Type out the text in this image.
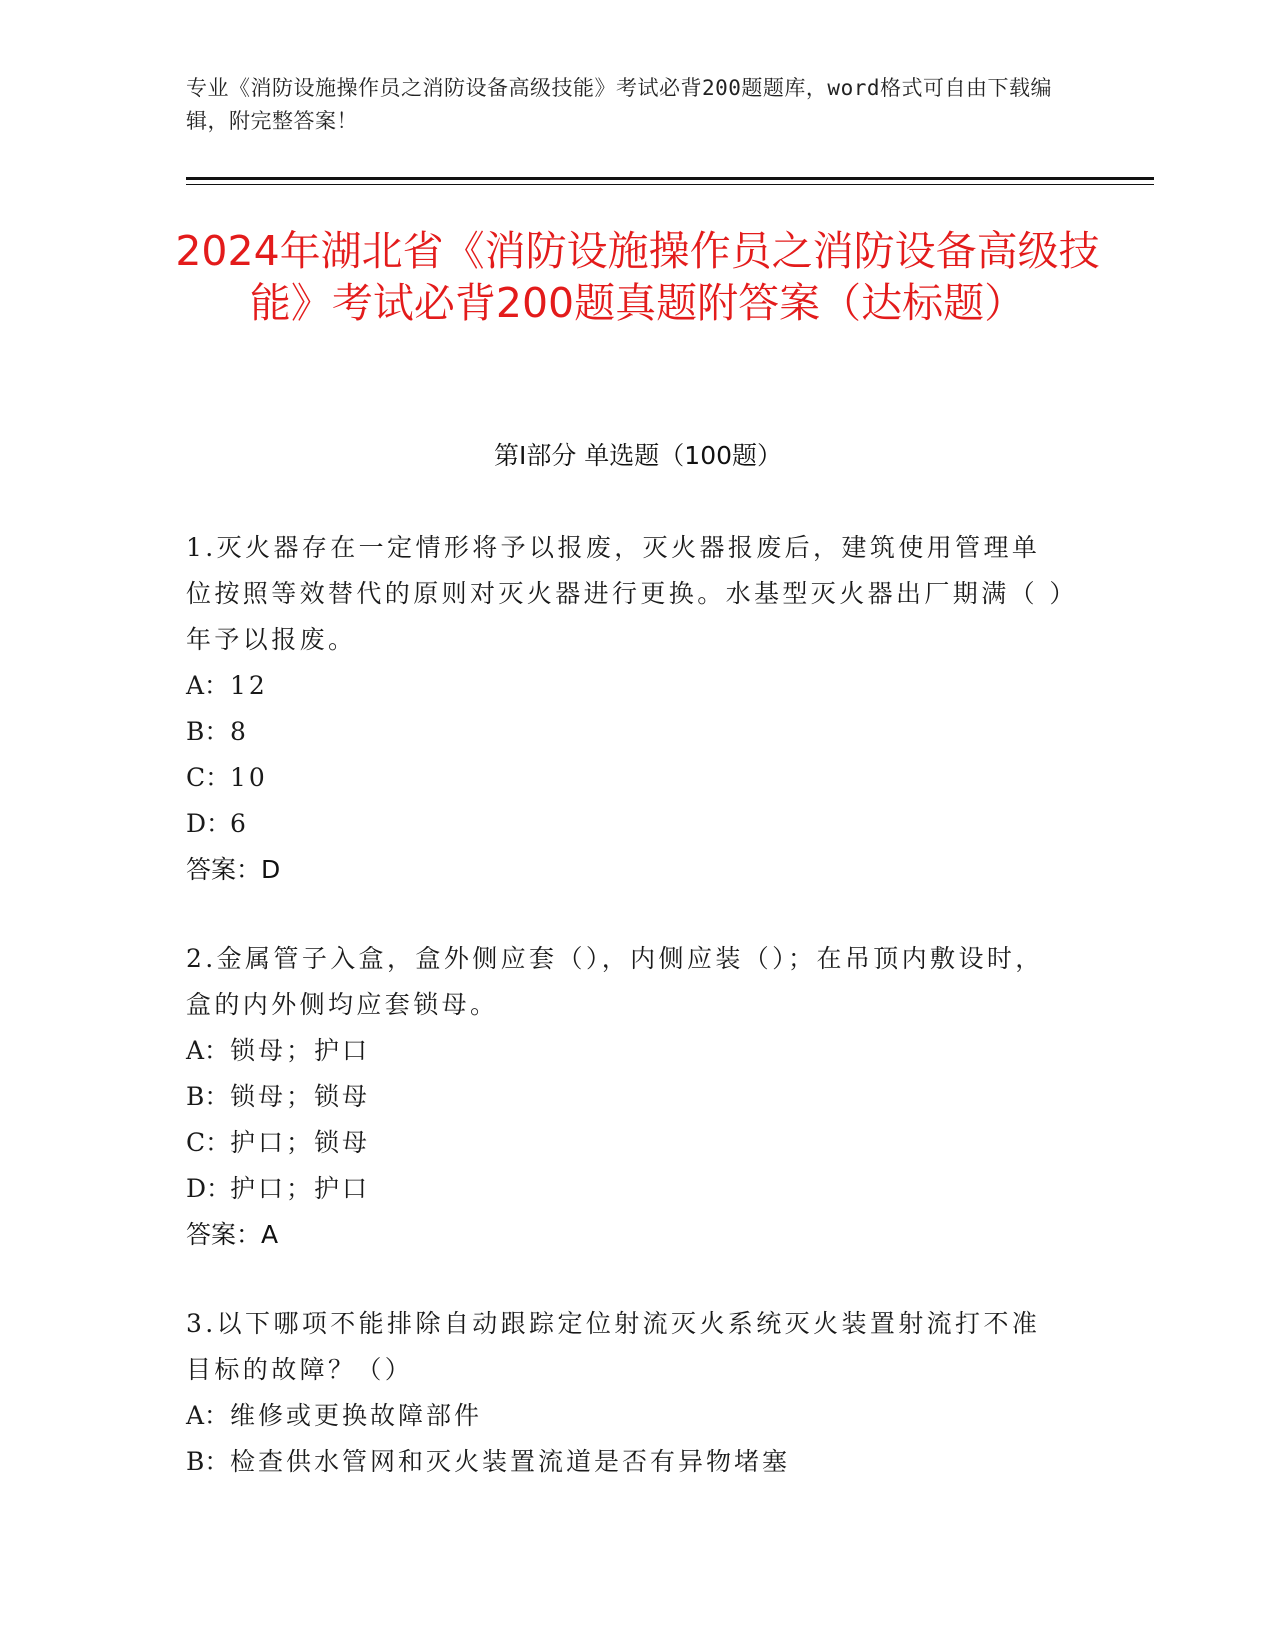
专业《消防设施操作员之消防设备高级技能》考试必背200题题库，word格式可自由下载编辑，附完整答案！
2024年湖北省《消防设施操作员之消防设备高级技能》考试必背200题真题附答案（达标题）
第I部分 单选题（100题）
1.灭火器存在一定情形将予以报废，灭火器报废后，建筑使用管理单位按照等效替代的原则对灭火器进行更换。水基型灭火器出厂期满（ ）年予以报废。
A：12
B：8
C：10
D：6
答案：D
2.金属管子入盒，盒外侧应套（），内侧应装（）；在吊顶内敷设时，盒的内外侧均应套锁母。
A：锁母；护口
B：锁母；锁母
C：护口；锁母
D：护口；护口
答案：A
3.以下哪项不能排除自动跟踪定位射流灭火系统灭火装置射流打不准目标的故障？（）
A：维修或更换故障部件
B：检查供水管网和灭火装置流道是否有异物堵塞
